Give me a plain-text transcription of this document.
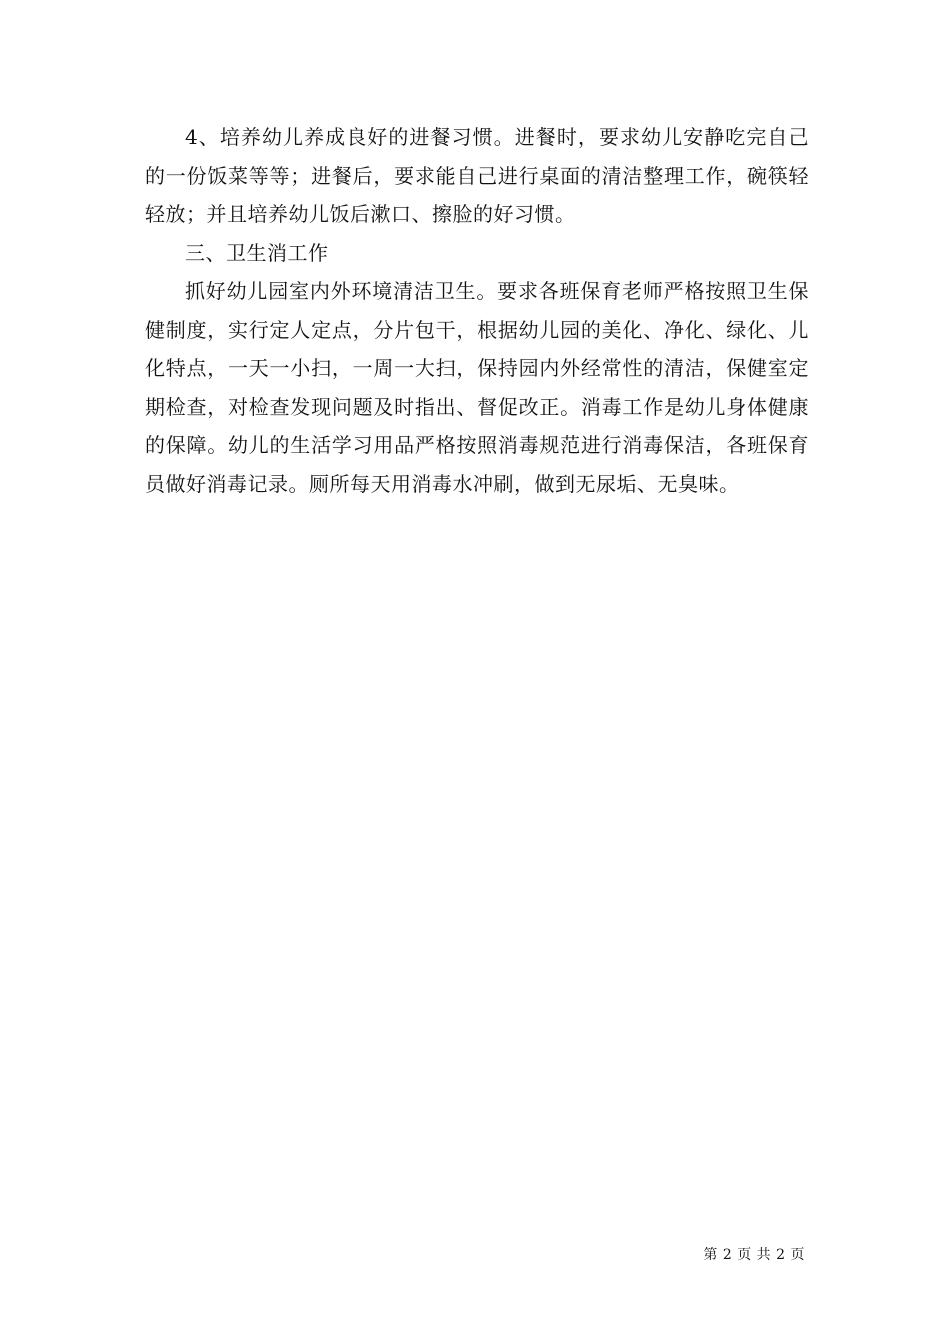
4、培养幼儿养成良好的进餐习惯。进餐时，要求幼儿安静吃完自己的一份饭菜等等；进餐后，要求能自己进行桌面的清洁整理工作，碗筷轻轻放；并且培养幼儿饭后漱口、擦脸的好习惯。

三、卫生消工作

抓好幼儿园室内外环境清洁卫生。要求各班保育老师严格按照卫生保健制度，实行定人定点，分片包干，根据幼儿园的美化、净化、绿化、儿化特点，一天一小扫，一周一大扫，保持园内外经常性的清洁，保健室定期检查，对检查发现问题及时指出、督促改正。消毒工作是幼儿身体健康的保障。幼儿的生活学习用品严格按照消毒规范进行消毒保洁，各班保育员做好消毒记录。厕所每天用消毒水冲刷，做到无尿垢、无臭味。

第 2 页 共 2 页
